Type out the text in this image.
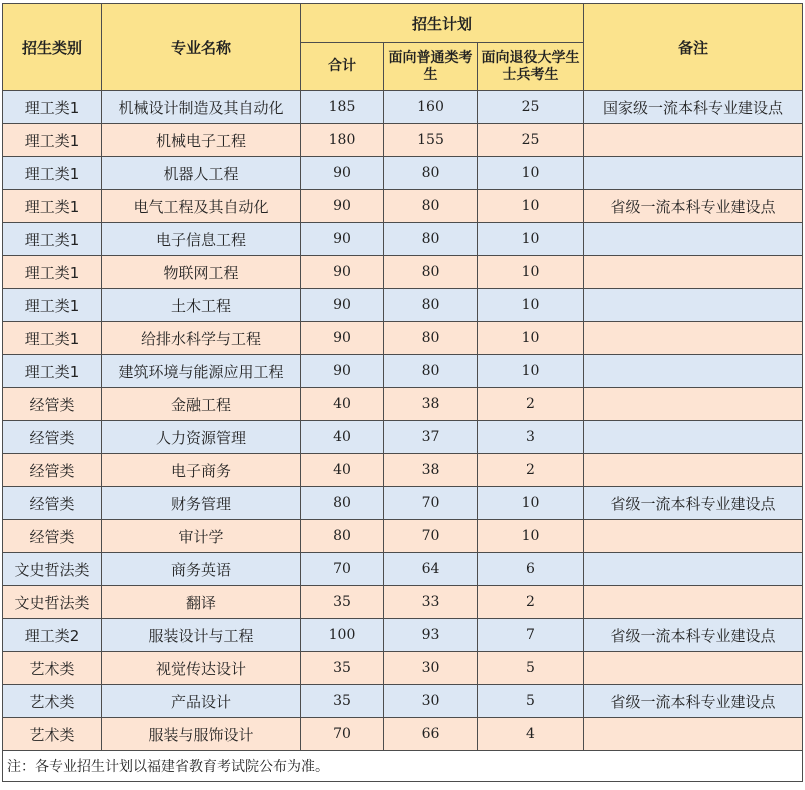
招生类别	专业名称	招生计划			备注
		合计	面向普通类考生	面向退役大学生士兵考生	
理工类1	机械设计制造及其自动化	185	160	25	国家级一流本科专业建设点
理工类1	机械电子工程	180	155	25	
理工类1	机器人工程	90	80	10	
理工类1	电气工程及其自动化	90	80	10	省级一流本科专业建设点
理工类1	电子信息工程	90	80	10	
理工类1	物联网工程	90	80	10	
理工类1	土木工程	90	80	10	
理工类1	给排水科学与工程	90	80	10	
理工类1	建筑环境与能源应用工程	90	80	10	
经管类	金融工程	40	38	2	
经管类	人力资源管理	40	37	3	
经管类	电子商务	40	38	2	
经管类	财务管理	80	70	10	省级一流本科专业建设点
经管类	审计学	80	70	10	
文史哲法类	商务英语	70	64	6	
文史哲法类	翻译	35	33	2	
理工类2	服装设计与工程	100	93	7	省级一流本科专业建设点
艺术类	视觉传达设计	35	30	5	
艺术类	产品设计	35	30	5	省级一流本科专业建设点
艺术类	服装与服饰设计	70	66	4	
注：各专业招生计划以福建省教育考试院公布为准。					
